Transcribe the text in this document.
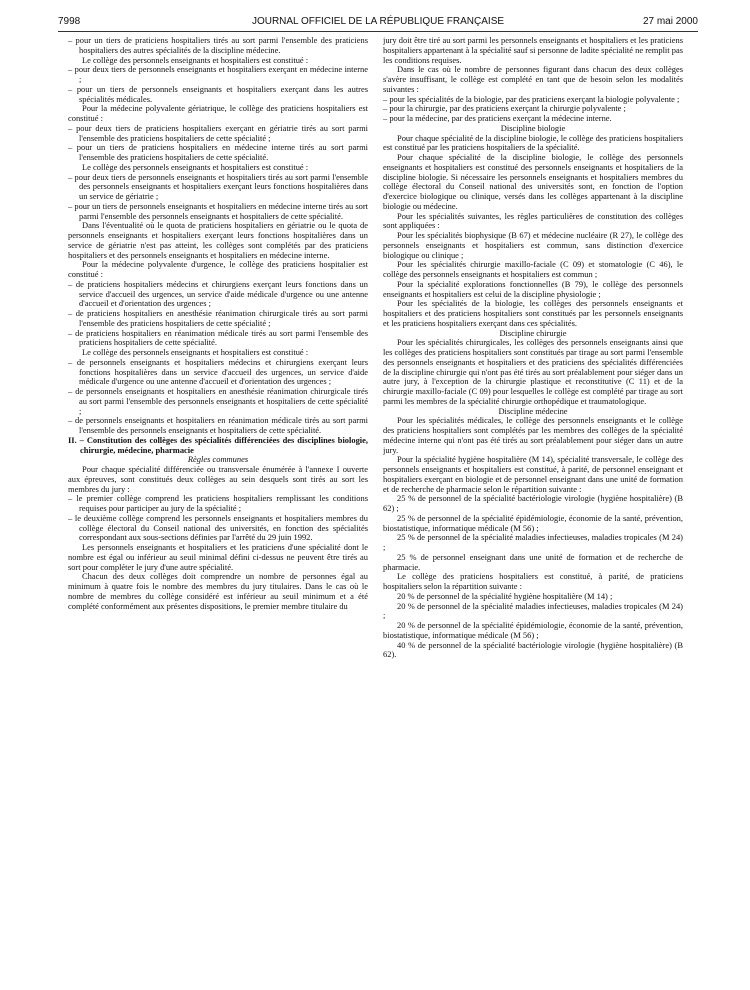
7998	JOURNAL OFFICIEL DE LA RÉPUBLIQUE FRANÇAISE	27 mai 2000

– pour un tiers de praticiens hospitaliers tirés au sort parmi l'ensemble des praticiens hospitaliers des autres spécialités de la discipline médecine.

Le collège des personnels enseignants et hospitaliers est constitué :

– pour deux tiers de personnels enseignants et hospitaliers exerçant en médecine interne ;

– pour un tiers de personnels enseignants et hospitaliers exerçant dans les autres spécialités médicales.

Pour la médecine polyvalente gériatrique, le collège des praticiens hospitaliers est constitué :

– pour deux tiers de praticiens hospitaliers exerçant en gériatrie tirés au sort parmi l'ensemble des praticiens hospitaliers de cette spécialité ;

– pour un tiers de praticiens hospitaliers en médecine interne tirés au sort parmi l'ensemble des praticiens hospitaliers de cette spécialité.

Le collège des personnels enseignants et hospitaliers est constitué :

– pour deux tiers de personnels enseignants et hospitaliers tirés au sort parmi l'ensemble des personnels enseignants et hospitaliers exerçant leurs fonctions hospitalières dans un service de gériatrie ;

– pour un tiers de personnels enseignants et hospitaliers en médecine interne tirés au sort parmi l'ensemble des personnels enseignants et hospitaliers de cette spécialité.

Dans l'éventualité où le quota de praticiens hospitaliers en gériatrie ou le quota de personnels enseignants et hospitaliers exerçant leurs fonctions hospitalières dans un service de gériatrie n'est pas atteint, les collèges sont complétés par des praticiens hospitaliers et des personnels enseignants et hospitaliers en médecine interne.

Pour la médecine polyvalente d'urgence, le collège des praticiens hospitalier est constitué :

– de praticiens hospitaliers médecins et chirurgiens exerçant leurs fonctions dans un service d'accueil des urgences, un service d'aide médicale d'urgence ou une antenne d'accueil et d'orientation des urgences ;

– de praticiens hospitaliers en anesthésie réanimation chirurgicale tirés au sort parmi l'ensemble des praticiens hospitaliers de cette spécialité ;

– de praticiens hospitaliers en réanimation médicale tirés au sort parmi l'ensemble des praticiens hospitaliers de cette spécialité.

Le collège des personnels enseignants et hospitaliers est constitué :

– de personnels enseignants et hospitaliers médecins et chirurgiens exerçant leurs fonctions hospitalières dans un service d'accueil des urgences, un service d'aide médicale d'urgence ou une antenne d'accueil et d'orientation des urgences ;

– de personnels enseignants et hospitaliers en anesthésie réanimation chirurgicale tirés au sort parmi l'ensemble des personnels enseignants et hospitaliers de cette spécialité ;

– de personnels enseignants et hospitaliers en réanimation médicale tirés au sort parmi l'ensemble des personnels enseignants et hospitaliers de cette spécialité.

II. – Constitution des collèges des spécialités différenciées des disciplines biologie, chirurgie, médecine, pharmacie

Règles communes

Pour chaque spécialité différenciée ou transversale énumérée à l'annexe I ouverte aux épreuves, sont constitués deux collèges au sein desquels sont tirés au sort les membres du jury :

– le premier collège comprend les praticiens hospitaliers remplissant les conditions requises pour participer au jury de la spécialité ;

– le deuxième collège comprend les personnels enseignants et hospitaliers membres du collège électoral du Conseil national des universités, en fonction des spécialités correspondant aux sous-sections définies par l'arrêté du 29 juin 1992.

Les personnels enseignants et hospitaliers et les praticiens d'une spécialité dont le nombre est égal ou inférieur au seuil minimal défini ci-dessus ne peuvent être tirés au sort pour compléter le jury d'une autre spécialité.

Chacun des deux collèges doit comprendre un nombre de personnes égal au minimum à quatre fois le nombre des membres du jury titulaires. Dans le cas où le nombre de membres du collège considéré est inférieur au seuil minimum et a été complété conformément aux présentes dispositions, le premier membre titulaire du

jury doit être tiré au sort parmi les personnels enseignants et hospitaliers et les praticiens hospitaliers appartenant à la spécialité sauf si personne de ladite spécialité ne remplit pas les conditions requises.

Dans le cas où le nombre de personnes figurant dans chacun des deux collèges s'avère insuffisant, le collège est complété en tant que de besoin selon les modalités suivantes :

– pour les spécialités de la biologie, par des praticiens exerçant la biologie polyvalente ;

– pour la chirurgie, par des praticiens exerçant la chirurgie polyvalente ;

– pour la médecine, par des praticiens exerçant la médecine interne.

Discipline biologie

Pour chaque spécialité de la discipline biologie, le collège des praticiens hospitaliers est constitué par les praticiens hospitaliers de la spécialité.

Pour chaque spécialité de la discipline biologie, le collège des personnels enseignants et hospitaliers est constitué des personnels enseignants et hospitaliers de la discipline biologie. Si nécessaire les personnels enseignants et hospitaliers membres du collège électoral du Conseil national des universités sont, en fonction de l'option d'exercice biologique ou clinique, versés dans les collèges appartenant à la discipline biologie ou médecine.

Pour les spécialités suivantes, les règles particulières de constitution des collèges sont appliquées :

Pour les spécialités biophysique (B 67) et médecine nucléaire (R 27), le collège des personnels enseignants et hospitaliers est commun, sans distinction d'exercice biologique ou clinique ;

Pour les spécialités chirurgie maxillo-faciale (C 09) et stomatologie (C 46), le collège des personnels enseignants et hospitaliers est commun ;

Pour la spécialité explorations fonctionnelles (B 79), le collège des personnels enseignants et hospitaliers est celui de la discipline physiologie ;

Pour les spécialités de la biologie, les collèges des personnels enseignants et hospitaliers et des praticiens hospitaliers sont constitués par les personnels enseignants et les praticiens hospitaliers exerçant dans ces spécialités.

Discipline chirurgie

Pour les spécialités chirurgicales, les collèges des personnels enseignants ainsi que les collèges des praticiens hospitaliers sont constitués par tirage au sort parmi l'ensemble des personnels enseignants et hospitaliers et des praticiens des spécialités différenciées de la discipline chirurgie qui n'ont pas été tirés au sort préalablement pour siéger dans un autre jury, à l'exception de la chirurgie plastique et reconstitutive (C 11) et de la chirurgie maxillo-faciale (C 09) pour lesquelles le collège est complété par tirage au sort parmi les membres de la spécialité chirurgie orthopédique et traumatologique.

Discipline médecine

Pour les spécialités médicales, le collège des personnels enseignants et le collège des praticiens hospitaliers sont complétés par les membres des collèges de la spécialité médecine interne qui n'ont pas été tirés au sort préalablement pour siéger dans un autre jury.

Pour la spécialité hygiène hospitalière (M 14), spécialité transversale, le collège des personnels enseignants et hospitaliers est constitué, à parité, de personnel enseignant et hospitaliers exerçant en biologie et de personnel enseignant dans une unité de formation et de recherche de pharmacie selon le répartition suivante :

25 % de personnel de la spécialité bactériologie virologie (hygiène hospitalière) (B 62) ;

25 % de personnel de la spécialité épidémiologie, économie de la santé, prévention, biostatistique, informatique médicale (M 56) ;

25 % de personnel de la spécialité maladies infectieuses, maladies tropicales (M 24) ;

25 % de personnel enseignant dans une unité de formation et de recherche de pharmacie.

Le collège des praticiens hospitaliers est constitué, à parité, de praticiens hospitaliers selon la répartition suivante :

20 % de personnel de la spécialité hygiène hospitalière (M 14) ;

20 % de personnel de la spécialité maladies infectieuses, maladies tropicales (M 24) ;

20 % de personnel de la spécialité épidémiologie, économie de la santé, prévention, biostatistique, informatique médicale (M 56) ;

40 % de personnel de la spécialité bactériologie virologie (hygiène hospitalière) (B 62).
